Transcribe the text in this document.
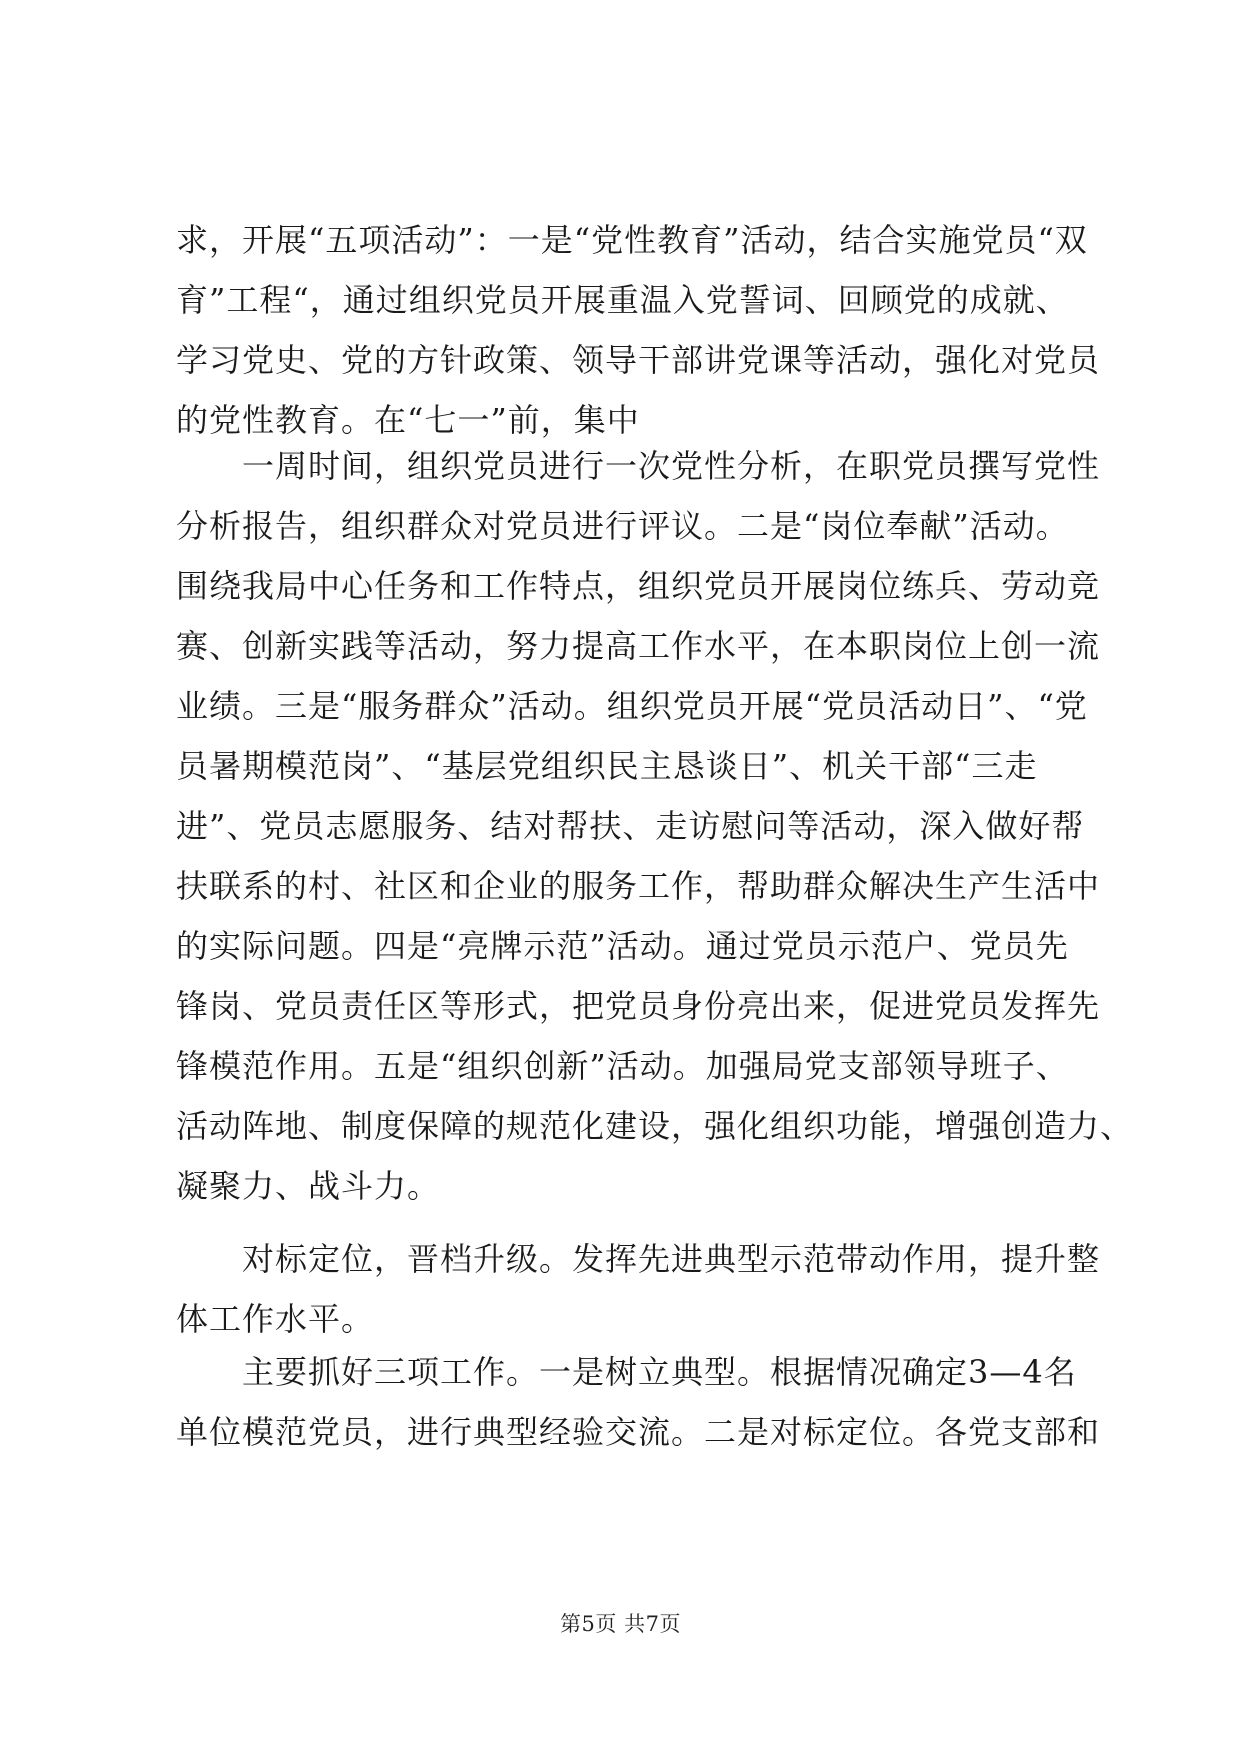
求，开展“五项活动”：一是“党性教育”活动，结合实施党员“双
育”工程“，通过组织党员开展重温入党誓词、回顾党的成就、
学习党史、党的方针政策、领导干部讲党课等活动，强化对党员
的党性教育。在“七一”前，集中

　　一周时间，组织党员进行一次党性分析，在职党员撰写党性
分析报告，组织群众对党员进行评议。二是“岗位奉献”活动。
围绕我局中心任务和工作特点，组织党员开展岗位练兵、劳动竞
赛、创新实践等活动，努力提高工作水平，在本职岗位上创一流
业绩。三是“服务群众”活动。组织党员开展“党员活动日”、“党
员暑期模范岗”、“基层党组织民主恳谈日”、机关干部“三走
进”、党员志愿服务、结对帮扶、走访慰问等活动，深入做好帮
扶联系的村、社区和企业的服务工作，帮助群众解决生产生活中
的实际问题。四是“亮牌示范”活动。通过党员示范户、党员先
锋岗、党员责任区等形式，把党员身份亮出来，促进党员发挥先
锋模范作用。五是“组织创新”活动。加强局党支部领导班子、
活动阵地、制度保障的规范化建设，强化组织功能，增强创造力、
凝聚力、战斗力。

　　对标定位，晋档升级。发挥先进典型示范带动作用，提升整
体工作水平。

　　主要抓好三项工作。一是树立典型。根据情况确定3—4名
单位模范党员，进行典型经验交流。二是对标定位。各党支部和

第5页 共7页
